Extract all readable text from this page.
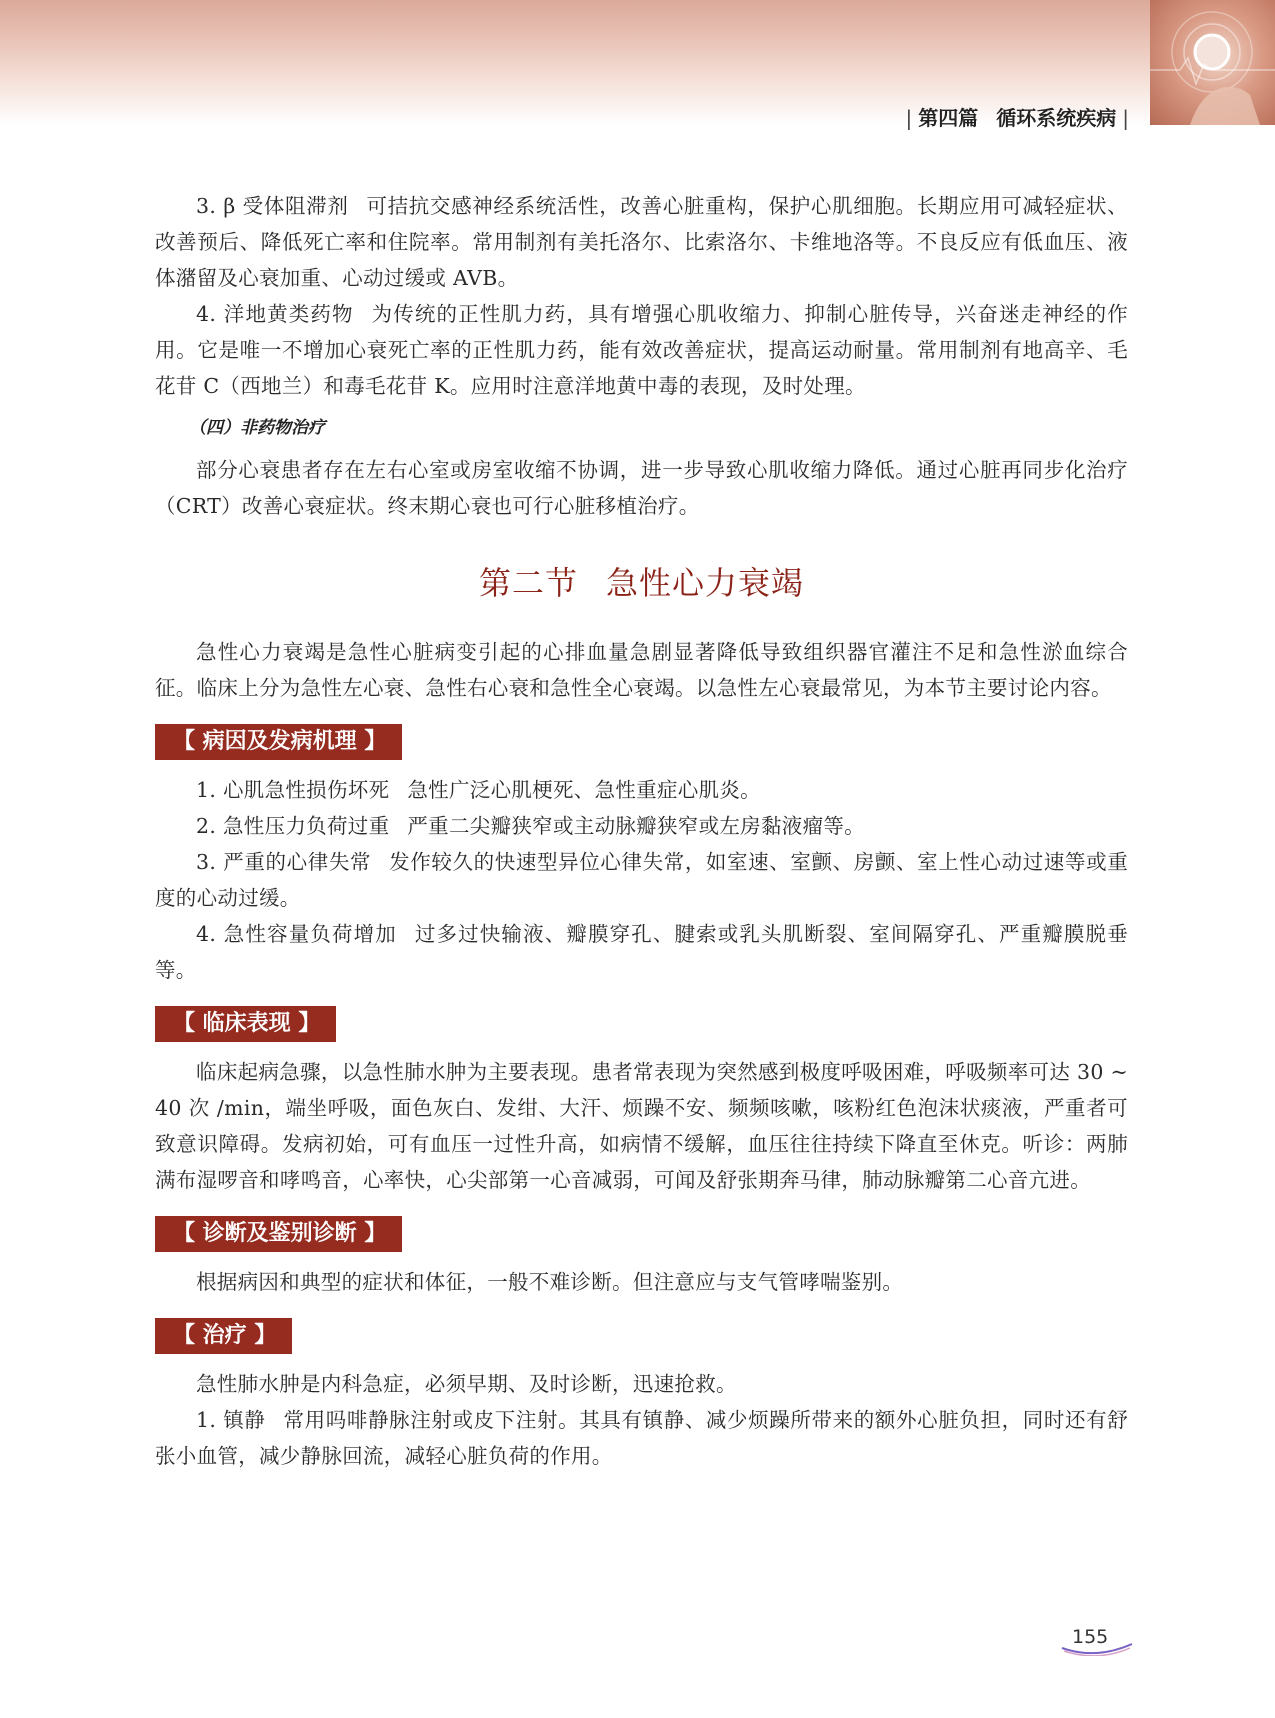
| 第四篇 循环系统疾病 |

3. β 受体阻滞剂 可拮抗交感神经系统活性，改善心脏重构，保护心肌细胞。长期应用可减轻症状、改善预后、降低死亡率和住院率。常用制剂有美托洛尔、比索洛尔、卡维地洛等。不良反应有低血压、液体潴留及心衰加重、心动过缓或 AVB。

4. 洋地黄类药物 为传统的正性肌力药，具有增强心肌收缩力、抑制心脏传导，兴奋迷走神经的作用。它是唯一不增加心衰死亡率的正性肌力药，能有效改善症状，提高运动耐量。常用制剂有地高辛、毛花苷 C（西地兰）和毒毛花苷 K。应用时注意洋地黄中毒的表现，及时处理。

（四）非药物治疗

部分心衰患者存在左右心室或房室收缩不协调，进一步导致心肌收缩力降低。通过心脏再同步化治疗（CRT）改善心衰症状。终末期心衰也可行心脏移植治疗。

第二节 急性心力衰竭

急性心力衰竭是急性心脏病变引起的心排血量急剧显著降低导致组织器官灌注不足和急性淤血综合征。临床上分为急性左心衰、急性右心衰和急性全心衰竭。以急性左心衰最常见，为本节主要讨论内容。

【 病因及发病机理 】

1. 心肌急性损伤坏死 急性广泛心肌梗死、急性重症心肌炎。

2. 急性压力负荷过重 严重二尖瓣狭窄或主动脉瓣狭窄或左房黏液瘤等。

3. 严重的心律失常 发作较久的快速型异位心律失常，如室速、室颤、房颤、室上性心动过速等或重度的心动过缓。

4. 急性容量负荷增加 过多过快输液、瓣膜穿孔、腱索或乳头肌断裂、室间隔穿孔、严重瓣膜脱垂等。

【 临床表现 】

临床起病急骤，以急性肺水肿为主要表现。患者常表现为突然感到极度呼吸困难，呼吸频率可达 30 ~ 40 次 /min，端坐呼吸，面色灰白、发绀、大汗、烦躁不安、频频咳嗽，咳粉红色泡沫状痰液，严重者可致意识障碍。发病初始，可有血压一过性升高，如病情不缓解，血压往往持续下降直至休克。听诊：两肺满布湿啰音和哮鸣音，心率快，心尖部第一心音减弱，可闻及舒张期奔马律，肺动脉瓣第二心音亢进。

【 诊断及鉴别诊断 】

根据病因和典型的症状和体征，一般不难诊断。但注意应与支气管哮喘鉴别。

【 治疗 】

急性肺水肿是内科急症，必须早期、及时诊断，迅速抢救。

1. 镇静 常用吗啡静脉注射或皮下注射。其具有镇静、减少烦躁所带来的额外心脏负担，同时还有舒张小血管，减少静脉回流，减轻心脏负荷的作用。

155
